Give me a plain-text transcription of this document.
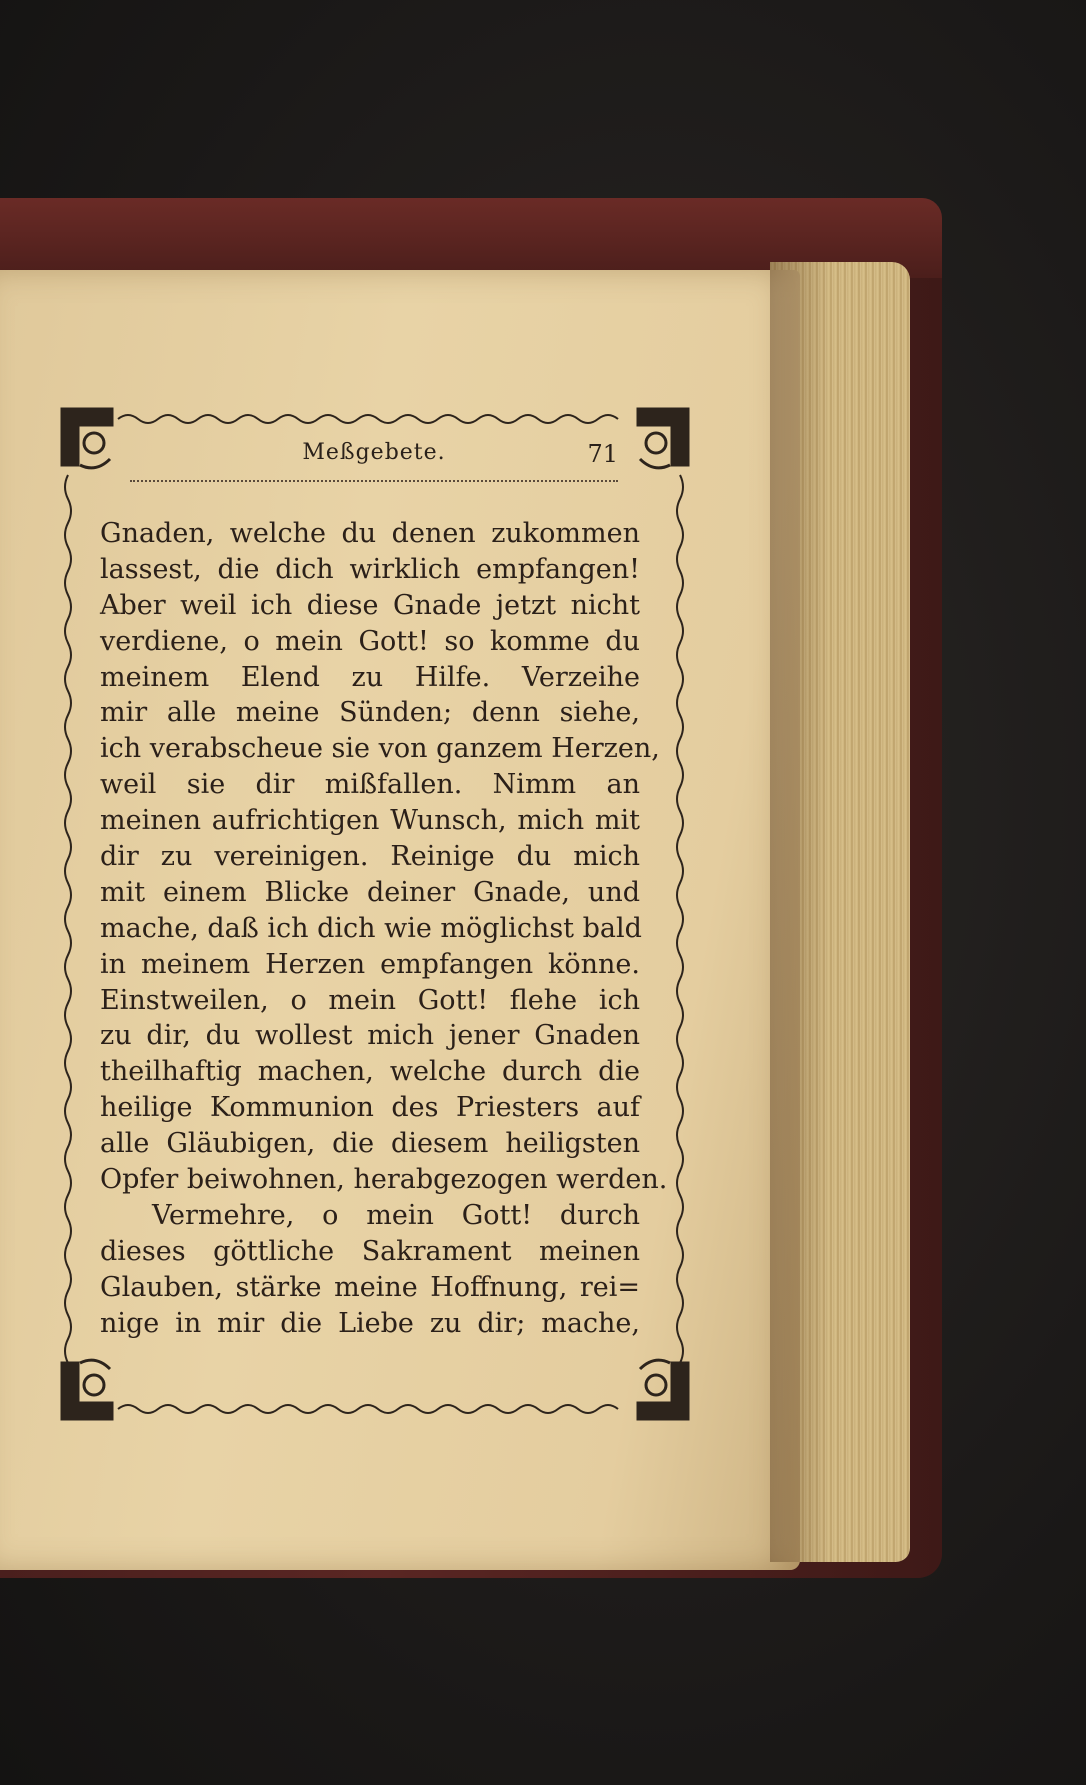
Meßgebete.	71
Gnaden, welche du denen zukommen
lassest, die dich wirklich empfangen!
Aber weil ich diese Gnade jetzt nicht
verdiene, o mein Gott! so komme du
meinem Elend zu Hilfe. Verzeihe
mir alle meine Sünden; denn siehe,
ich verabscheue sie von ganzem Herzen,
weil sie dir mißfallen. Nimm an
meinen aufrichtigen Wunsch, mich mit
dir zu vereinigen. Reinige du mich
mit einem Blicke deiner Gnade, und
mache, daß ich dich wie möglichst bald
in meinem Herzen empfangen könne.
Einstweilen, o mein Gott! flehe ich
zu dir, du wollest mich jener Gnaden
theilhaftig machen, welche durch die
heilige Kommunion des Priesters auf
alle Gläubigen, die diesem heiligsten
Opfer beiwohnen, herabgezogen werden.
Vermehre, o mein Gott! durch
dieses göttliche Sakrament meinen
Glauben, stärke meine Hoffnung, rei=
nige in mir die Liebe zu dir; mache,
